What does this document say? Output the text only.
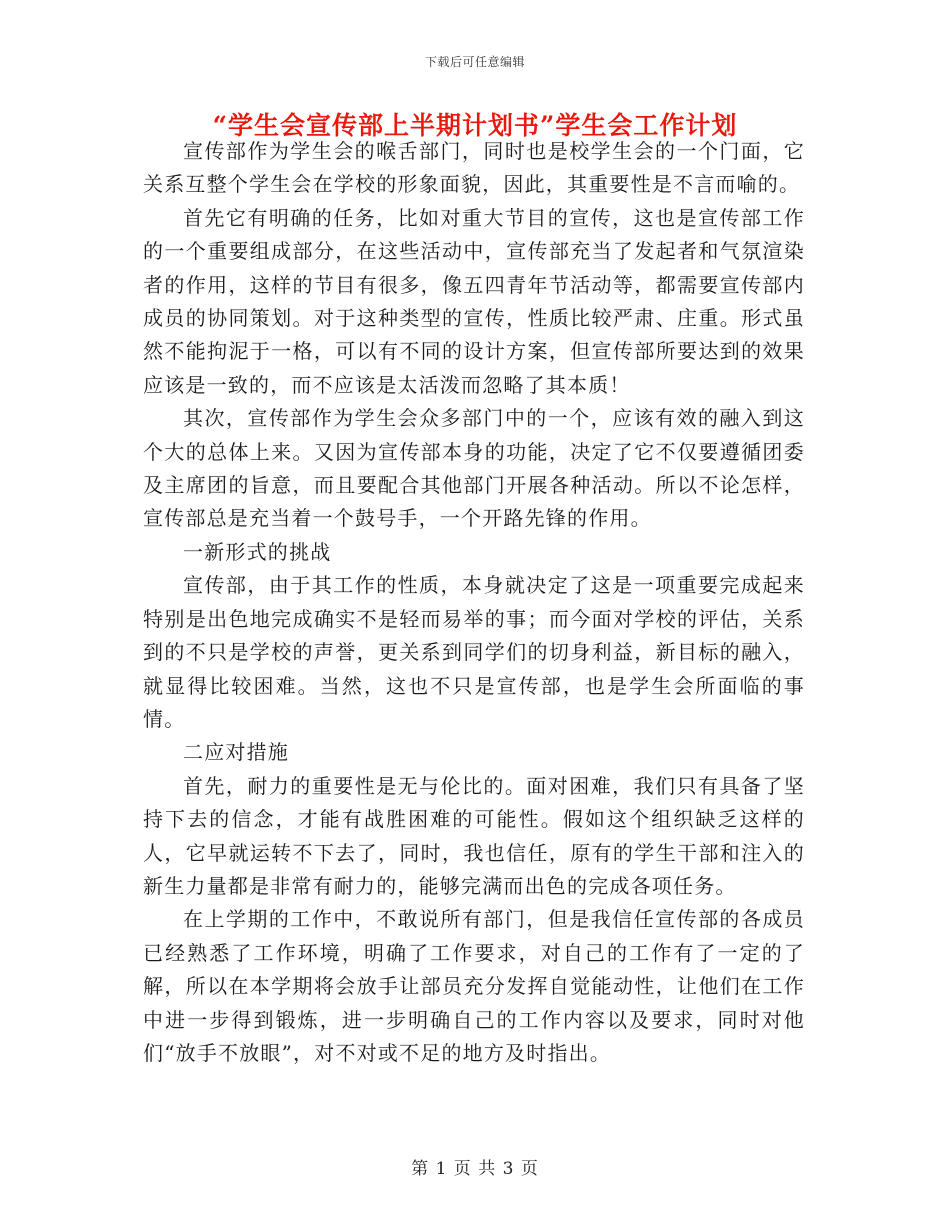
下载后可任意编辑
“学生会宣传部上半期计划书”学生会工作计划

宣传部作为学生会的喉舌部门，同时也是校学生会的一个门面，它关系互整个学生会在学校的形象面貌，因此，其重要性是不言而喻的。

首先它有明确的任务，比如对重大节目的宣传，这也是宣传部工作的一个重要组成部分，在这些活动中，宣传部充当了发起者和气氛渲染者的作用，这样的节目有很多，像五四青年节活动等，都需要宣传部内成员的协同策划。对于这种类型的宣传，性质比较严肃、庄重。形式虽然不能拘泥于一格，可以有不同的设计方案，但宣传部所要达到的效果应该是一致的，而不应该是太活泼而忽略了其本质！

其次，宣传部作为学生会众多部门中的一个，应该有效的融入到这个大的总体上来。又因为宣传部本身的功能，决定了它不仅要遵循团委及主席团的旨意，而且要配合其他部门开展各种活动。所以不论怎样，宣传部总是充当着一个鼓号手，一个开路先锋的作用。

一新形式的挑战

宣传部，由于其工作的性质，本身就决定了这是一项重要完成起来特别是出色地完成确实不是轻而易举的事；而今面对学校的评估，关系到的不只是学校的声誉，更关系到同学们的切身利益，新目标的融入，就显得比较困难。当然，这也不只是宣传部，也是学生会所面临的事情。

二应对措施

首先，耐力的重要性是无与伦比的。面对困难，我们只有具备了坚持下去的信念，才能有战胜困难的可能性。假如这个组织缺乏这样的人，它早就运转不下去了，同时，我也信任，原有的学生干部和注入的新生力量都是非常有耐力的，能够完满而出色的完成各项任务。

在上学期的工作中，不敢说所有部门，但是我信任宣传部的各成员已经熟悉了工作环境，明确了工作要求，对自己的工作有了一定的了解，所以在本学期将会放手让部员充分发挥自觉能动性，让他们在工作中进一步得到锻炼，进一步明确自己的工作内容以及要求，同时对他们“放手不放眼”，对不对或不足的地方及时指出。

第 1 页 共 3 页
